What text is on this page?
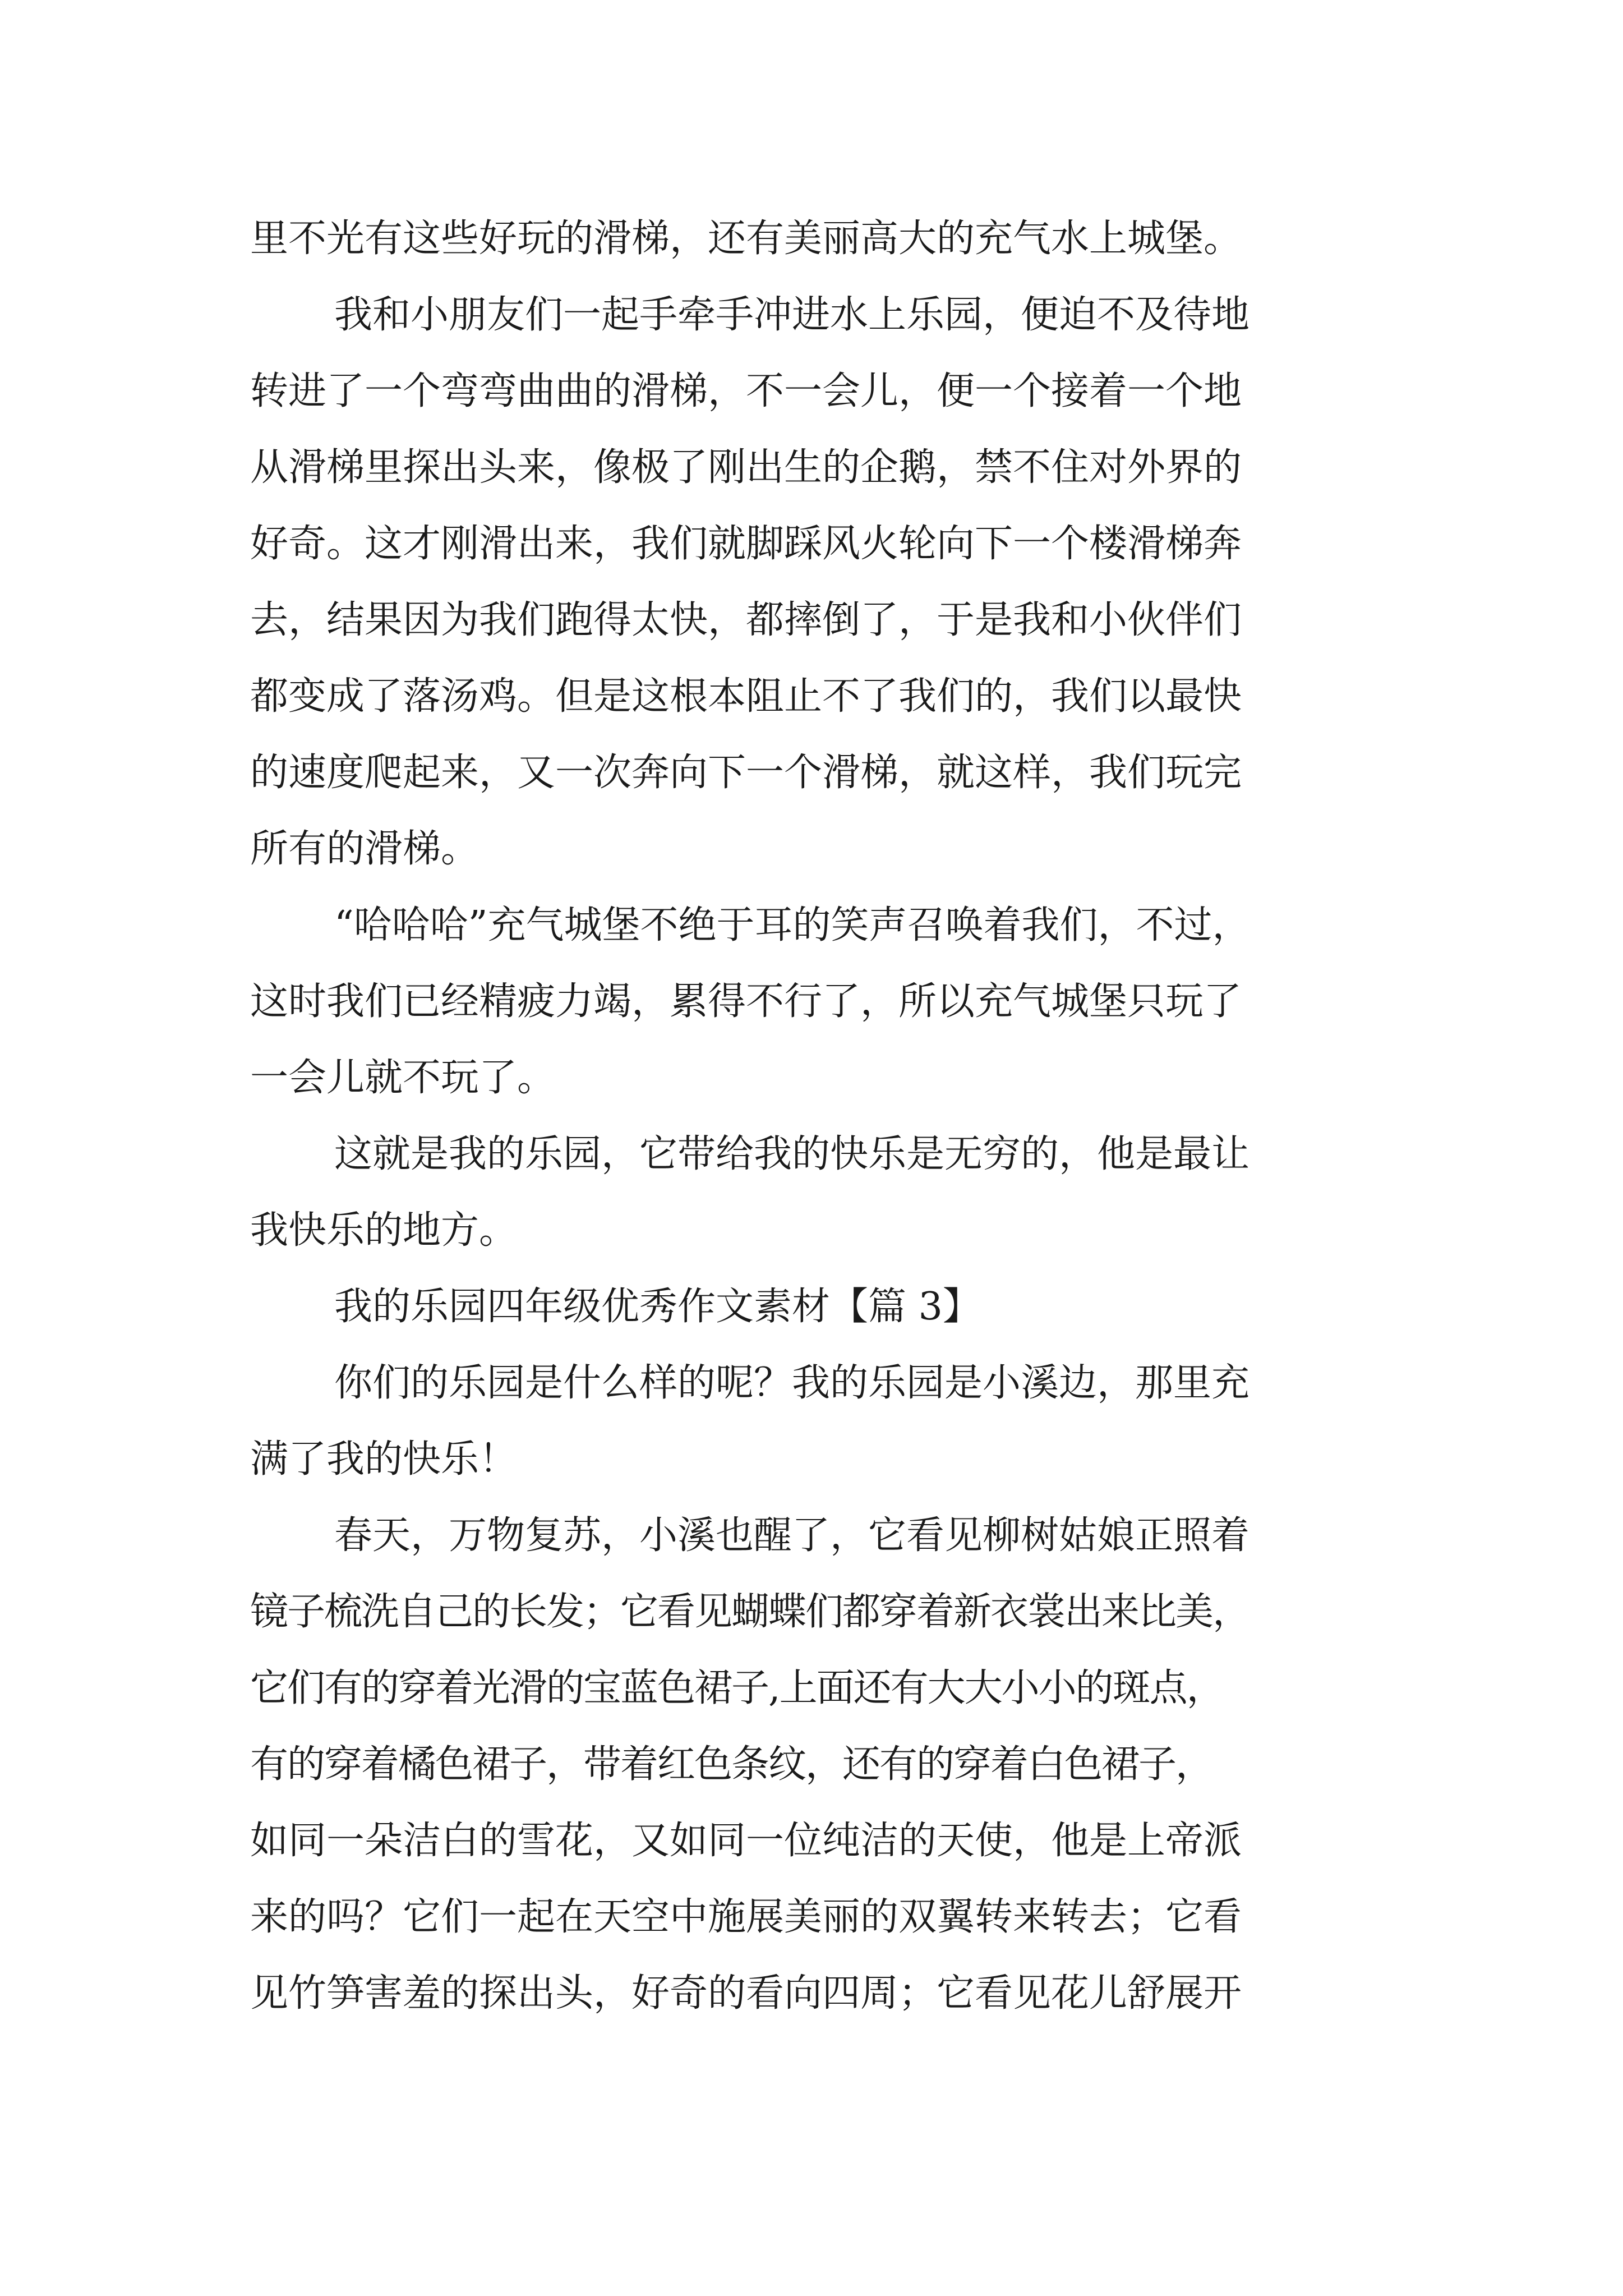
里不光有这些好玩的滑梯，还有美丽高大的充气水上城堡。
我和小朋友们一起手牵手冲进水上乐园，便迫不及待地
转进了一个弯弯曲曲的滑梯，不一会儿，便一个接着一个地
从滑梯里探出头来，像极了刚出生的企鹅，禁不住对外界的
好奇。这才刚滑出来，我们就脚踩风火轮向下一个楼滑梯奔
去，结果因为我们跑得太快，都摔倒了，于是我和小伙伴们
都变成了落汤鸡。但是这根本阻止不了我们的，我们以最快
的速度爬起来，又一次奔向下一个滑梯，就这样，我们玩完
所有的滑梯。
“哈哈哈”充气城堡不绝于耳的笑声召唤着我们，不过，
这时我们已经精疲力竭，累得不行了，所以充气城堡只玩了
一会儿就不玩了。
这就是我的乐园，它带给我的快乐是无穷的，他是最让
我快乐的地方。
我的乐园四年级优秀作文素材【篇 3】
你们的乐园是什么样的呢？我的乐园是小溪边，那里充
满了我的快乐！
春天，万物复苏，小溪也醒了，它看见柳树姑娘正照着
镜子梳洗自己的长发；它看见蝴蝶们都穿着新衣裳出来比美，
它们有的穿着光滑的宝蓝色裙子,上面还有大大小小的斑点，
有的穿着橘色裙子，带着红色条纹，还有的穿着白色裙子，
如同一朵洁白的雪花，又如同一位纯洁的天使，他是上帝派
来的吗？它们一起在天空中施展美丽的双翼转来转去；它看
见竹笋害羞的探出头，好奇的看向四周；它看见花儿舒展开
